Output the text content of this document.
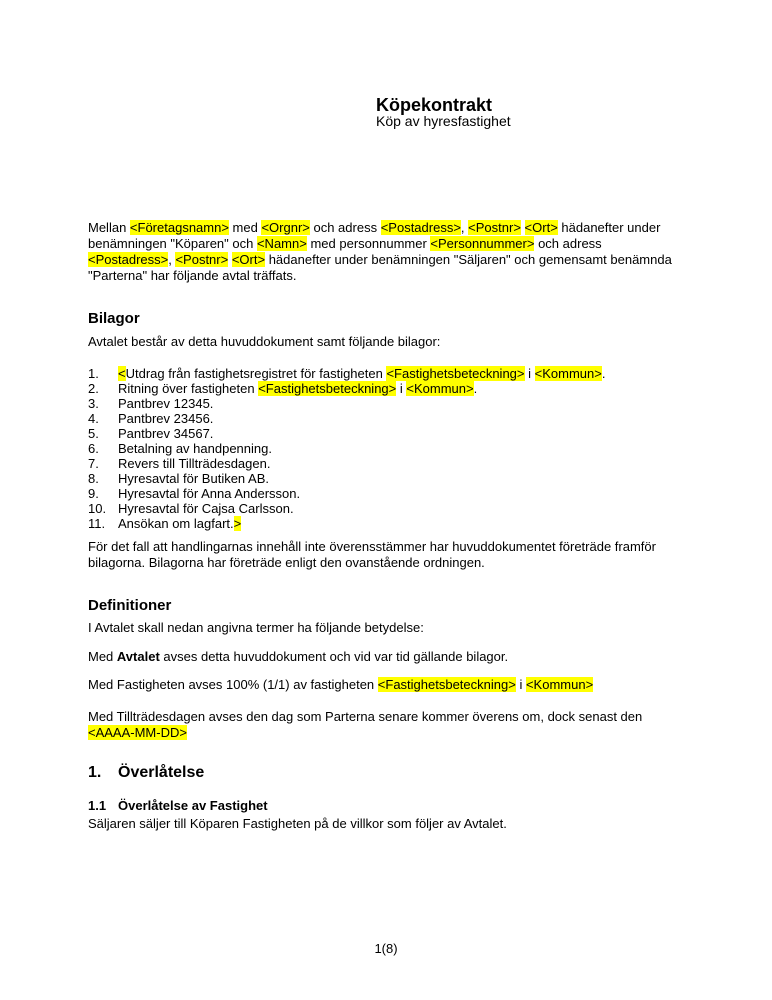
Köpekontrakt
Köp av hyresfastighet

Mellan <Företagsnamn> med <Orgnr> och adress <Postadress>, <Postnr> <Ort> hädanefter under benämningen "Köparen" och <Namn> med personnummer <Personnummer> och adress <Postadress>, <Postnr> <Ort> hädanefter under benämningen "Säljaren" och gemensamt benämnda "Parterna" har följande avtal träffats.

Bilagor

Avtalet består av detta huvuddokument samt följande bilagor:

1.	<Utdrag från fastighetsregistret för fastigheten <Fastighetsbeteckning> i <Kommun>.
2.	Ritning över fastigheten <Fastighetsbeteckning> i <Kommun>.
3.	Pantbrev 12345.
4.	Pantbrev 23456.
5.	Pantbrev 34567.
6.	Betalning av handpenning.
7.	Revers till Tillträdesdagen.
8.	Hyresavtal för Butiken AB.
9.	Hyresavtal för Anna Andersson.
10. Hyresavtal för Cajsa Carlsson.
11. Ansökan om lagfart.>

För det fall att handlingarnas innehåll inte överensstämmer har huvuddokumentet företräde framför bilagorna. Bilagorna har företräde enligt den ovanstående ordningen.

Definitioner

I Avtalet skall nedan angivna termer ha följande betydelse:

Med Avtalet avses detta huvuddokument och vid var tid gällande bilagor.

Med Fastigheten avses 100% (1/1) av fastigheten <Fastighetsbeteckning> i <Kommun>

Med Tillträdesdagen avses den dag som Parterna senare kommer överens om, dock senast den <AAAA-MM-DD>

1.	Överlåtelse
1.1 Överlåtelse av Fastighet

Säljaren säljer till Köparen Fastigheten på de villkor som följer av Avtalet.

1(8)
